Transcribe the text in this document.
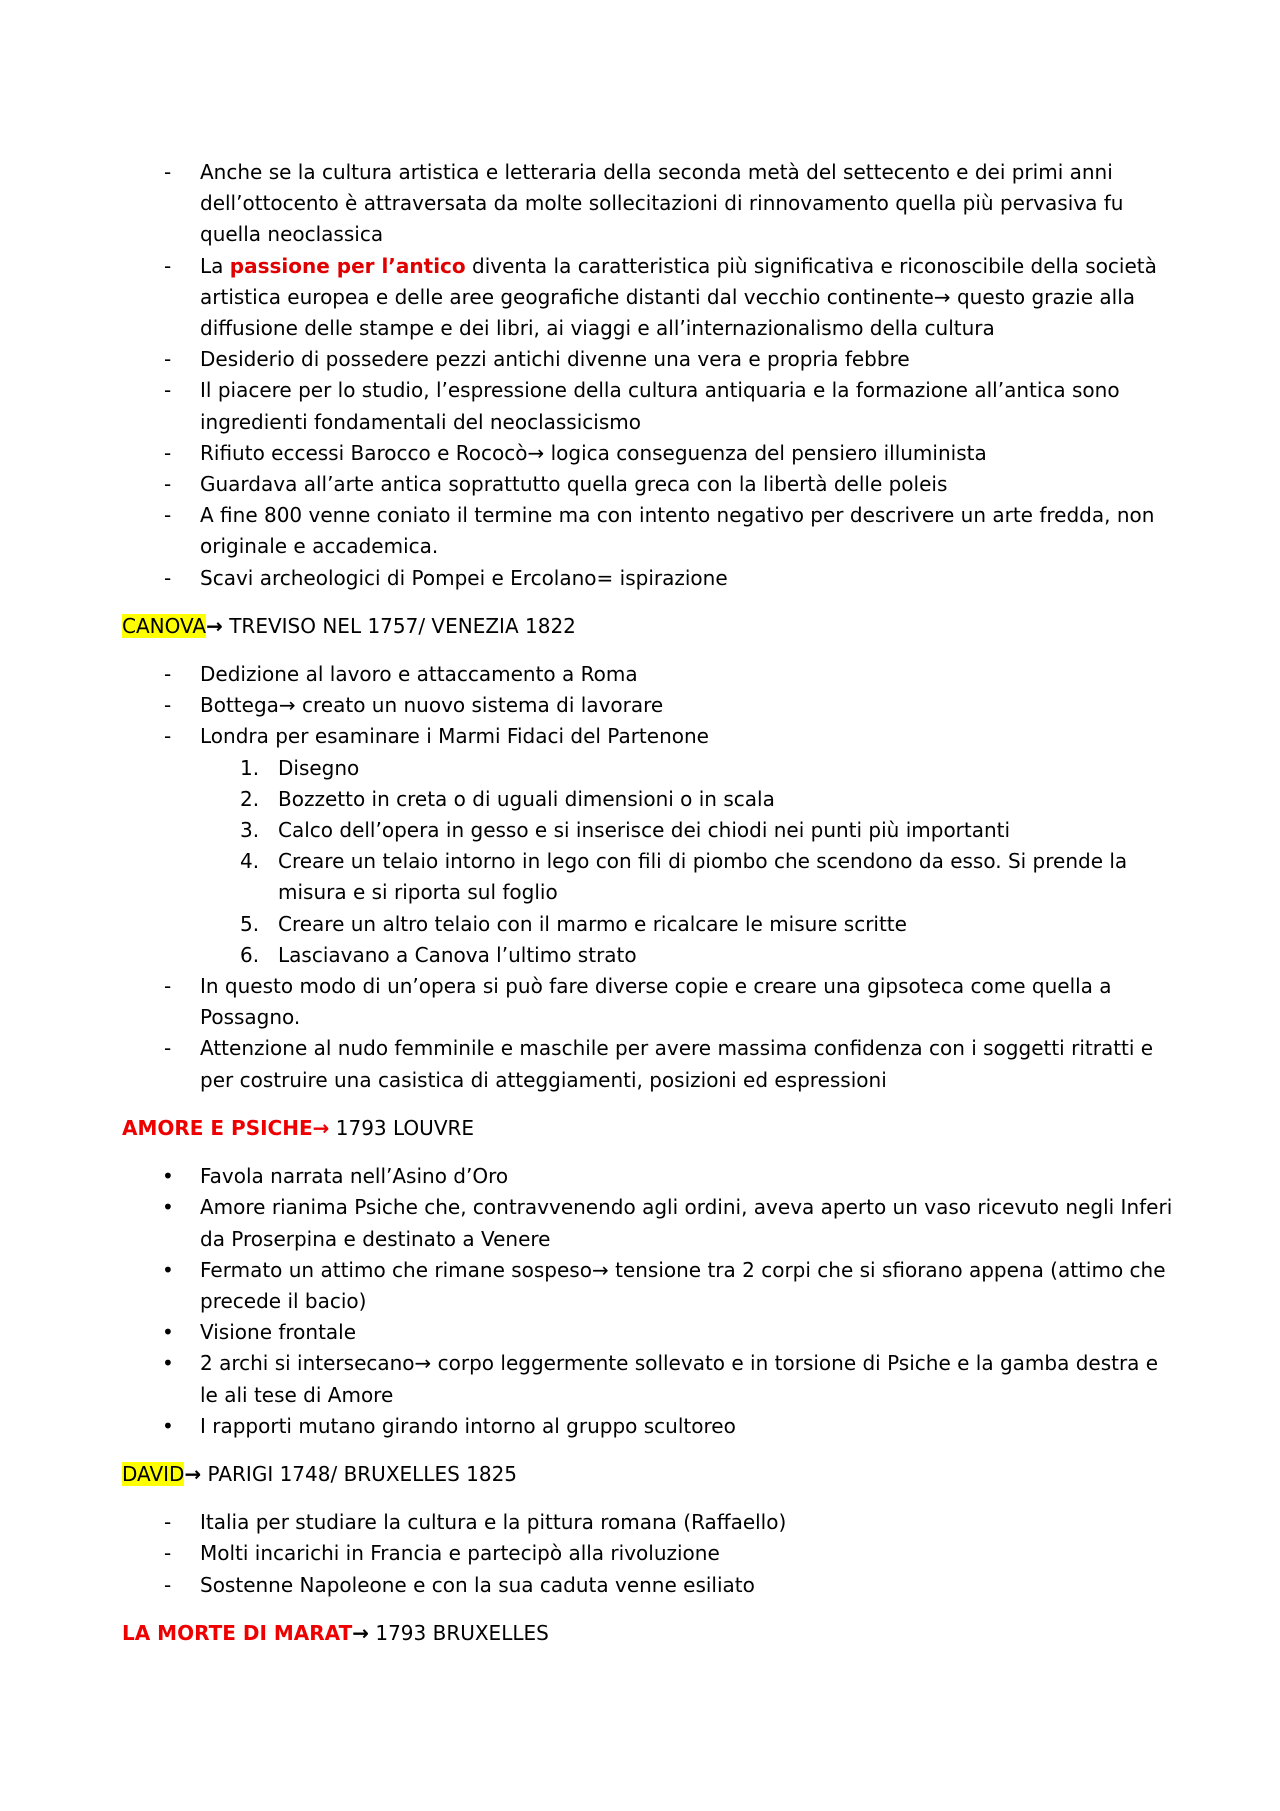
- Anche se la cultura artistica e letteraria della seconda metà del settecento e dei primi anni dell’ottocento è attraversata da molte sollecitazioni di rinnovamento quella più pervasiva fu quella neoclassica
- La passione per l’antico diventa la caratteristica più significativa e riconoscibile della società artistica europea e delle aree geografiche distanti dal vecchio continente→ questo grazie alla diffusione delle stampe e dei libri, ai viaggi e all’internazionalismo della cultura
- Desiderio di possedere pezzi antichi divenne una vera e propria febbre
- Il piacere per lo studio, l’espressione della cultura antiquaria e la formazione all’antica sono ingredienti fondamentali del neoclassicismo
- Rifiuto eccessi Barocco e Rococò→ logica conseguenza del pensiero illuminista
- Guardava all’arte antica soprattutto quella greca con la libertà delle poleis
- A fine 800 venne coniato il termine ma con intento negativo per descrivere un arte fredda, non originale e accademica.
- Scavi archeologici di Pompei e Ercolano= ispirazione
CANOVA→ TREVISO NEL 1757/ VENEZIA 1822
- Dedizione al lavoro e attaccamento a Roma
- Bottega→ creato un nuovo sistema di lavorare
- Londra per esaminare i Marmi Fidaci del Partenone
1. Disegno
2. Bozzetto in creta o di uguali dimensioni o in scala
3. Calco dell’opera in gesso e si inserisce dei chiodi nei punti più importanti
4. Creare un telaio intorno in lego con fili di piombo che scendono da esso. Si prende la misura e si riporta sul foglio
5. Creare un altro telaio con il marmo e ricalcare le misure scritte
6. Lasciavano a Canova l’ultimo strato
- In questo modo di un’opera si può fare diverse copie e creare una gipsoteca come quella a Possagno.
- Attenzione al nudo femminile e maschile per avere massima confidenza con i soggetti ritratti e per costruire una casistica di atteggiamenti, posizioni ed espressioni
AMORE E PSICHE→ 1793 LOUVRE
• Favola narrata nell’Asino d’Oro
• Amore rianima Psiche che, contravvenendo agli ordini, aveva aperto un vaso ricevuto negli Inferi da Proserpina e destinato a Venere
• Fermato un attimo che rimane sospeso→ tensione tra 2 corpi che si sfiorano appena (attimo che precede il bacio)
• Visione frontale
• 2 archi si intersecano→ corpo leggermente sollevato e in torsione di Psiche e la gamba destra e le ali tese di Amore
• I rapporti mutano girando intorno al gruppo scultoreo
DAVID→ PARIGI 1748/ BRUXELLES 1825
- Italia per studiare la cultura e la pittura romana (Raffaello)
- Molti incarichi in Francia e partecipò alla rivoluzione
- Sostenne Napoleone e con la sua caduta venne esiliato
LA MORTE DI MARAT→ 1793 BRUXELLES
